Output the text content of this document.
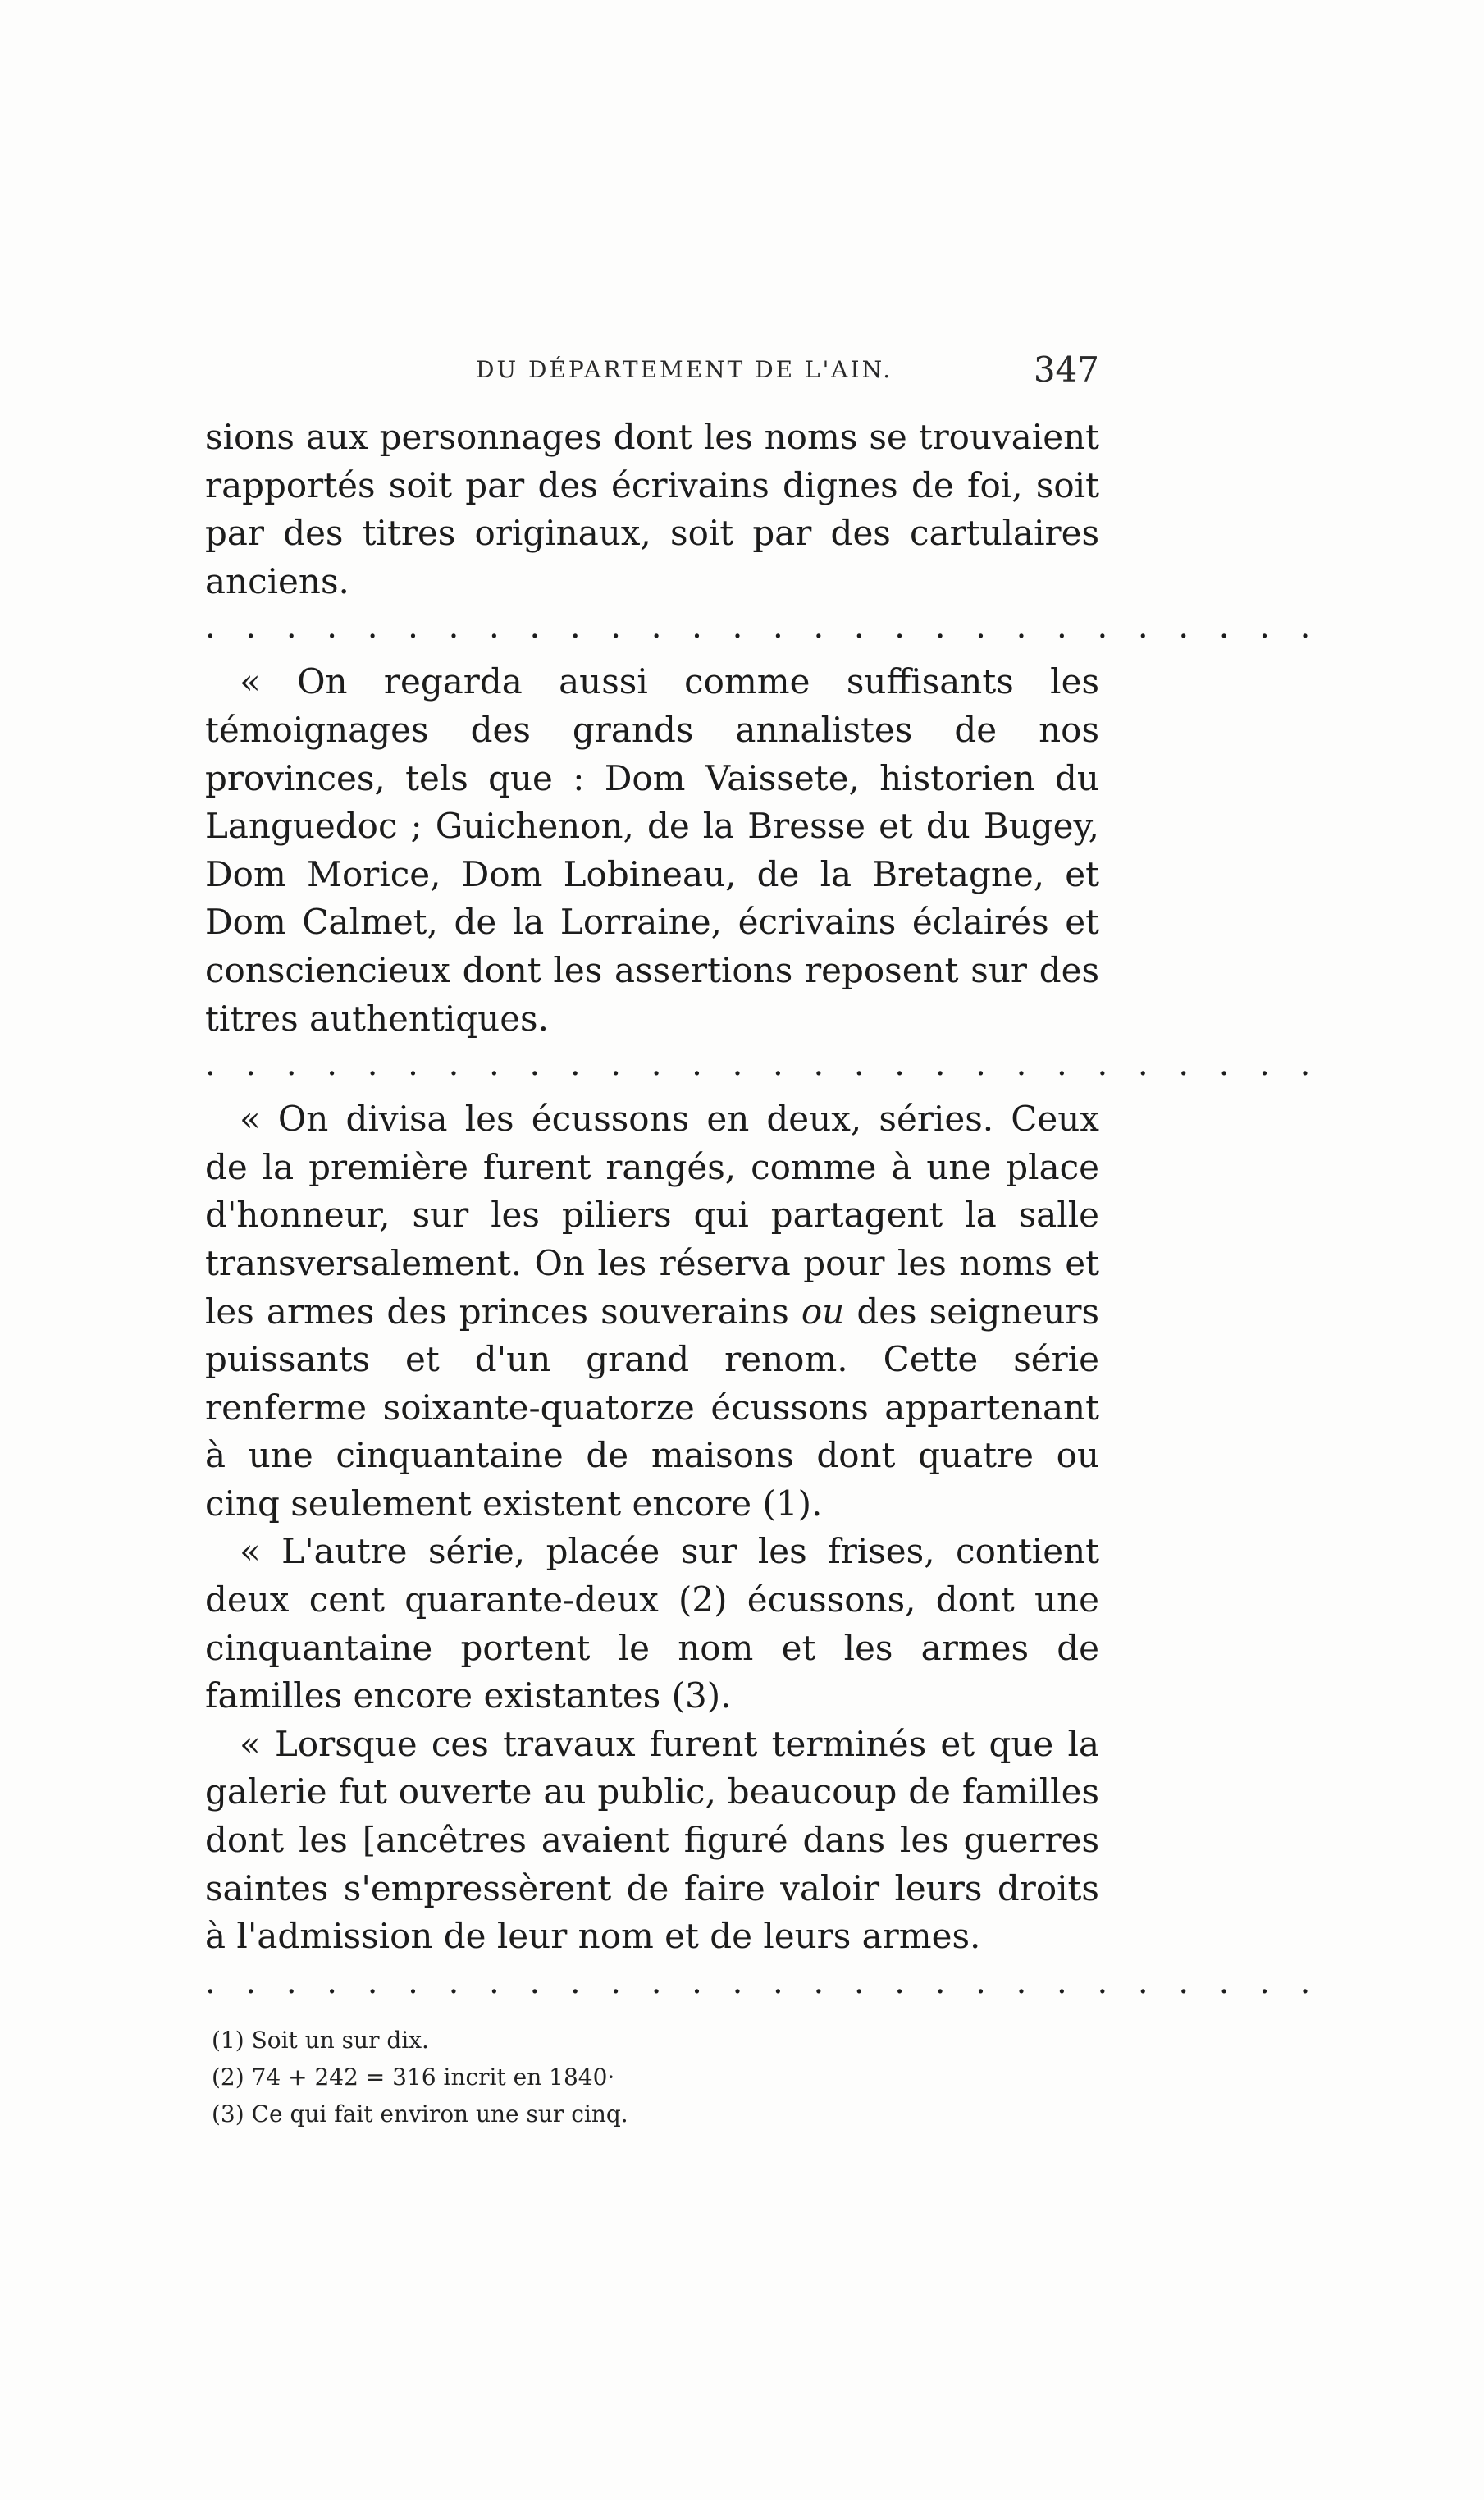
DU DÉPARTEMENT DE L'AIN.	347

sions aux personnages dont les noms se trouvaient rapportés soit par des écrivains dignes de foi, soit par des titres originaux, soit par des cartulaires anciens.

. . . . . . . . . . . . . . . . . . . . . . . . . . . .

« On regarda aussi comme suffisants les témoignages des grands annalistes de nos provinces, tels que : Dom Vaissete, historien du Languedoc ; Guichenon, de la Bresse et du Bugey, Dom Morice, Dom Lobineau, de la Bretagne, et Dom Calmet, de la Lorraine, écrivains éclairés et consciencieux dont les assertions reposent sur des titres authentiques.

. . . . . . . . . . . . . . . . . . . . . . . . . . . .

« On divisa les écussons en deux, séries. Ceux de la première furent rangés, comme à une place d'honneur, sur les piliers qui partagent la salle transversalement. On les réserva pour les noms et les armes des princes souverains ou des seigneurs puissants et d'un grand renom. Cette série renferme soixante-quatorze écussons appartenant à une cinquantaine de maisons dont quatre ou cinq seulement existent encore (1).

« L'autre série, placée sur les frises, contient deux cent quarante-deux (2) écussons, dont une cinquantaine portent le nom et les armes de familles encore existantes (3).

« Lorsque ces travaux furent terminés et que la galerie fut ouverte au public, beaucoup de familles dont les [ancêtres avaient figuré dans les guerres saintes s'empressèrent de faire valoir leurs droits à l'admission de leur nom et de leurs armes.

. . . . . . . . . . . . . . . . . . . . . . . . . . . .

(1) Soit un sur dix.

(2) 74 + 242 = 316 incrit en 1840·

(3) Ce qui fait environ une sur cinq.
